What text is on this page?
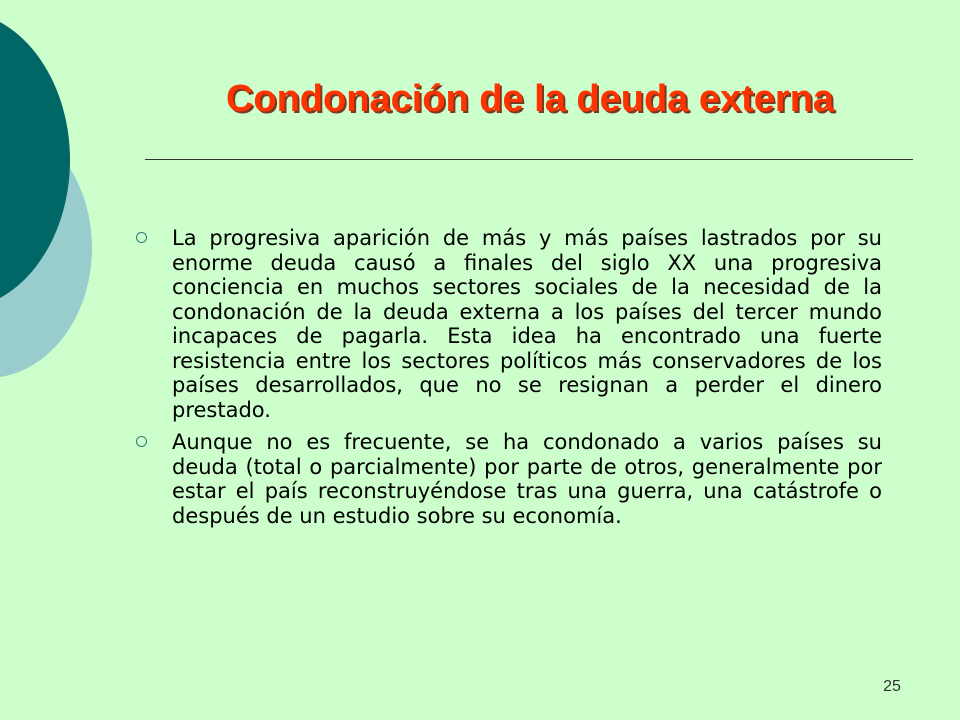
Condonación de la deuda externa
La progresiva aparición de más y más países lastrados por su enorme deuda causó a finales del siglo XX una progresiva conciencia en muchos sectores sociales de la necesidad de la condonación de la deuda externa a los países del tercer mundo incapaces de pagarla. Esta idea ha encontrado una fuerte resistencia entre los sectores políticos más conservadores de los países desarrollados, que no se resignan a perder el dinero prestado.
Aunque no es frecuente, se ha condonado a varios países su deuda (total o parcialmente) por parte de otros, generalmente por estar el país reconstruyéndose tras una guerra, una catástrofe o después de un estudio sobre su economía.
25
